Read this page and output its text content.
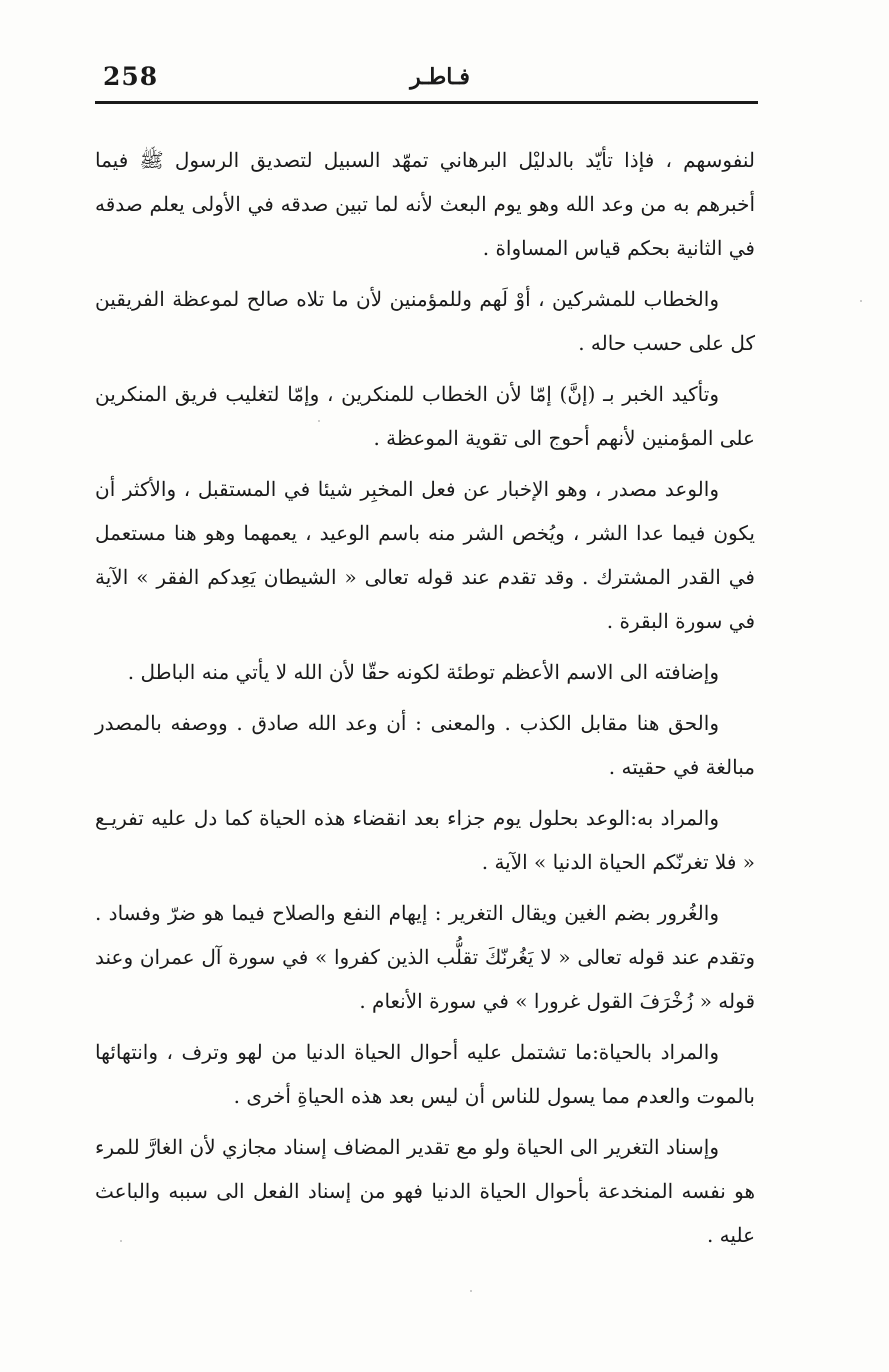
258	فـاطـر

لنفوسهم ، فإذا تأيّد بالدليْل البرهاني تمهّد السبيل لتصديق الرسول ﷺ فيما أخبرهم به من وعد الله وهو يوم البعث لأنه لما تبين صدقه في الأولى يعلم صدقه في الثانية بحكم قياس المساواة .

والخطاب للمشركين ، أوْ لَهم وللمؤمنين لأن ما تلاه صالح لموعظة الفريقين كل على حسب حاله .

وتأكيد الخبر بـ (إنَّ) إمّا لأن الخطاب للمنكرين ، وإمّا لتغليب فريق المنكرين على المؤمنين لأنهم أحوج الى تقوية الموعظة .

والوعد مصدر ، وهو الإخبار عن فعل المخبِر شيئا في المستقبل ، والأكثر أن يكون فيما عدا الشر ، ويُخص الشر منه باسم الوعيد ، يعمهما وهو هنا مستعمل في القدر المشترك . وقد تقدم عند قوله تعالى « الشيطان يَعِدكم الفقر » الآية في سورة البقرة .

وإضافته الى الاسم الأعظم توطئة لكونه حقّا لأن الله لا يأتي منه الباطل .

والحق هنا مقابل الكذب . والمعنى : أن وعد الله صادق . ووصفه بالمصدر مبالغة في حقيته .

والمراد به:الوعد بحلول يوم جزاء بعد انقضاء هذه الحياة كما دل عليه تفريـع « فلا تغرنّكم الحياة الدنيا » الآية .

والغُرور بضم الغين ويقال التغرير : إيهام النفع والصلاح فيما هو ضرّ وفساد . وتقدم عند قوله تعالى « لا يَغُرنّكَ تقلُّب الذين كفروا » في سورة آل عمران وعند قوله « زُخْرَفَ القول غرورا » في سورة الأنعام .

والمراد بالحياة:ما تشتمل عليه أحوال الحياة الدنيا من لهو وترف ، وانتهائها بالموت والعدم مما يسول للناس أن ليس بعد هذه الحياةِ أخرى .

وإسناد التغرير الى الحياة ولو مع تقدير المضاف إسناد مجازي لأن الغارَّ للمرء هو نفسه المنخدعة بأحوال الحياة الدنيا فهو من إسناد الفعل الى سببه والباعث عليه .
